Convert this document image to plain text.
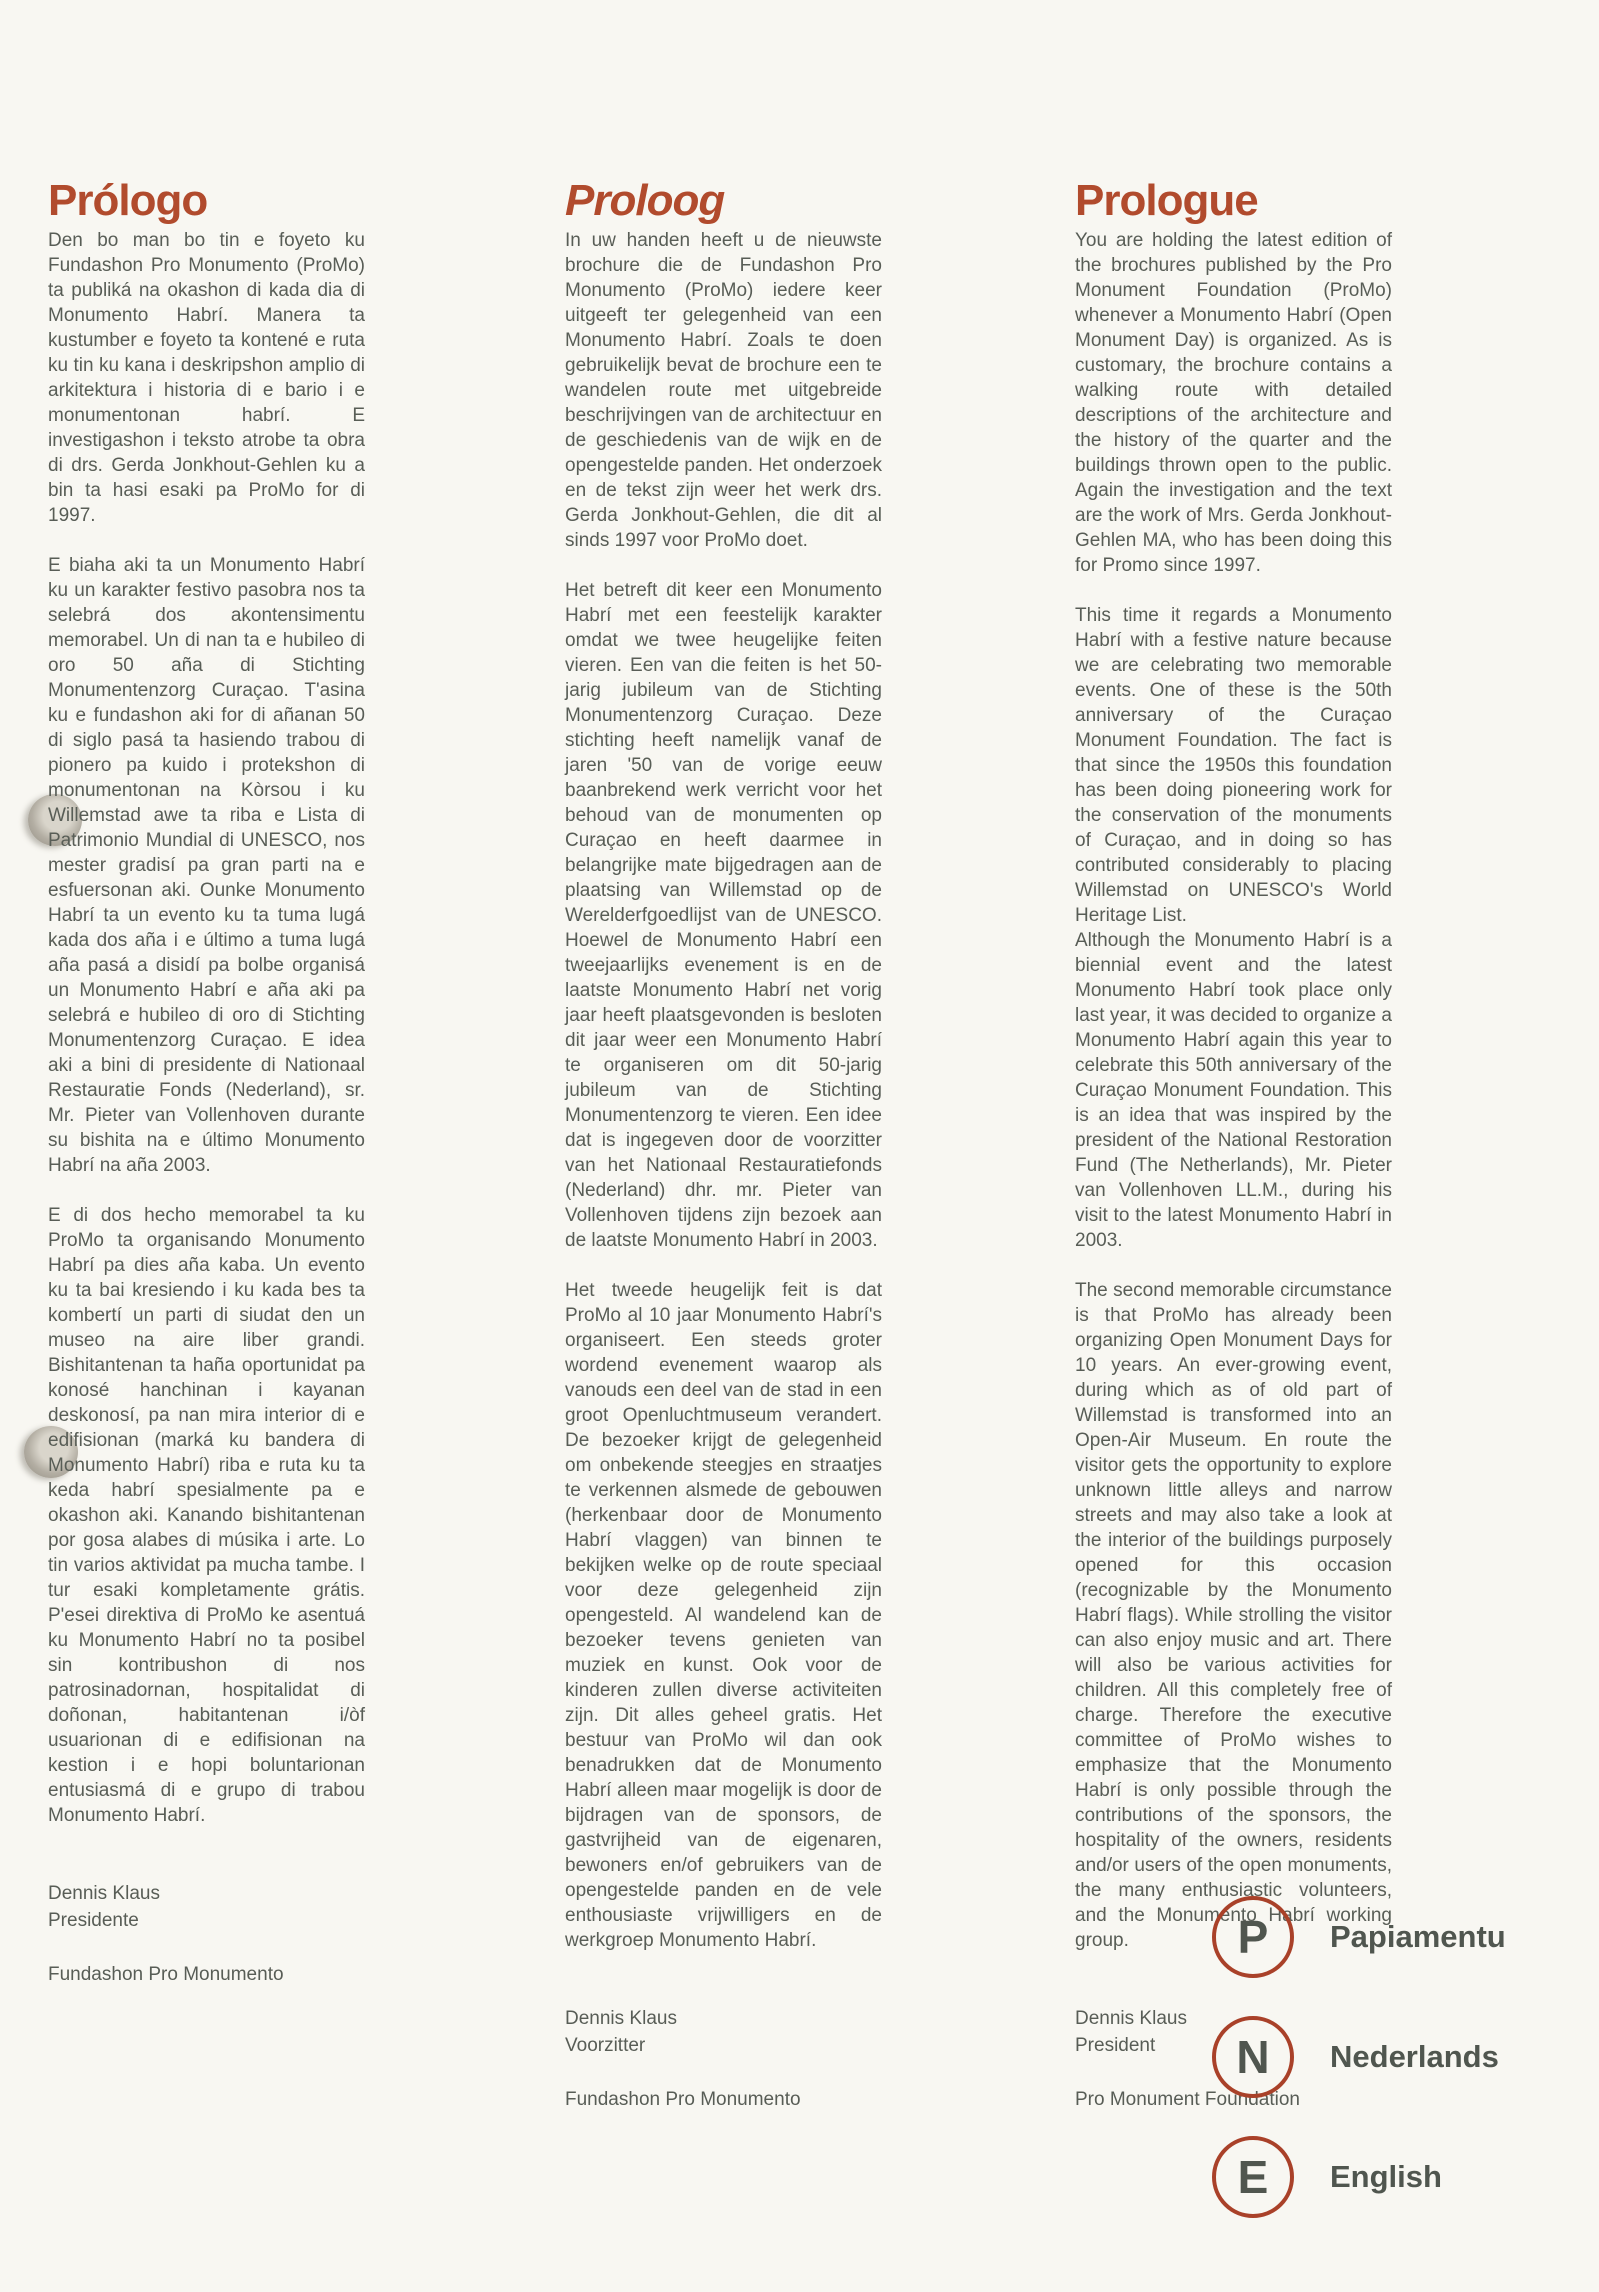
Prólogo

Den bo man bo tin e foyeto ku Fundashon Pro Monumento (ProMo) ta publiká na okashon di kada dia di Monumento Habrí. Manera ta kustumber e foyeto ta kontené e ruta ku tin ku kana i deskripshon amplio di arkitektura i historia di e bario i e monumentonan habrí. E investigashon i teksto atrobe ta obra di drs. Gerda Jonkhout-Gehlen ku a bin ta hasi esaki pa ProMo for di 1997.

E biaha aki ta un Monumento Habrí ku un karakter festivo pasobra nos ta selebrá dos akontensimentu memorabel. Un di nan ta e hubileo di oro 50 aña di Stichting Monumentenzorg Curaçao. T'asina ku e fundashon aki for di añanan 50 di siglo pasá ta hasiendo trabou di pionero pa kuido i protekshon di monumentonan na Kòrsou i ku Willemstad awe ta riba e Lista di Patrimonio Mundial di UNESCO, nos mester gradisí pa gran parti na e esfuersonan aki. Ounke Monumento Habrí ta un evento ku ta tuma lugá kada dos aña i e último a tuma lugá aña pasá a disidí pa bolbe organisá un Monumento Habrí e aña aki pa selebrá e hubileo di oro di Stichting Monumentenzorg Curaçao. E idea aki a bini di presidente di Nationaal Restauratie Fonds (Nederland), sr. Mr. Pieter van Vollenhoven durante su bishita na e último Monumento Habrí na aña 2003.

E di dos hecho memorabel ta ku ProMo ta organisando Monumento Habrí pa dies aña kaba. Un evento ku ta bai kresiendo i ku kada bes ta kombertí un parti di siudat den un museo na aire liber grandi. Bishitantenan ta haña oportunidat pa konosé hanchinan i kayanan deskonosí, pa nan mira interior di e edifisionan (marká ku bandera di Monumento Habrí) riba e ruta ku ta keda habrí spesialmente pa e okashon aki. Kanando bishitantenan por gosa alabes di músika i arte. Lo tin varios aktividat pa mucha tambe. I tur esaki kompletamente grátis. P'esei direktiva di ProMo ke asentuá ku Monumento Habrí no ta posibel sin kontribushon di nos patrosinadornan, hospitalidat di doñonan, habitantenan i/òf usuarionan di e edifisionan na kestion i e hopi boluntarionan entusiasmá di e grupo di trabou Monumento Habrí.

Dennis Klaus
Presidente
Fundashon Pro Monumento
Proloog

In uw handen heeft u de nieuwste brochure die de Fundashon Pro Monumento (ProMo) iedere keer uitgeeft ter gelegenheid van een Monumento Habrí. Zoals te doen gebruikelijk bevat de brochure een te wandelen route met uitgebreide beschrijvingen van de architectuur en de geschiedenis van de wijk en de opengestelde panden. Het onderzoek en de tekst zijn weer het werk drs. Gerda Jonkhout-Gehlen, die dit al sinds 1997 voor ProMo doet.

Het betreft dit keer een Monumento Habrí met een feestelijk karakter omdat we twee heugelijke feiten vieren. Een van die feiten is het 50-jarig jubileum van de Stichting Monumentenzorg Curaçao. Deze stichting heeft namelijk vanaf de jaren '50 van de vorige eeuw baanbrekend werk verricht voor het behoud van de monumenten op Curaçao en heeft daarmee in belangrijke mate bijgedragen aan de plaatsing van Willemstad op de Werelderfgoedlijst van de UNESCO. Hoewel de Monumento Habrí een tweejaarlijks evenement is en de laatste Monumento Habrí net vorig jaar heeft plaatsgevonden is besloten dit jaar weer een Monumento Habrí te organiseren om dit 50-jarig jubileum van de Stichting Monumentenzorg te vieren. Een idee dat is ingegeven door de voorzitter van het Nationaal Restauratiefonds (Nederland) dhr. mr. Pieter van Vollenhoven tijdens zijn bezoek aan de laatste Monumento Habrí in 2003.

Het tweede heugelijk feit is dat ProMo al 10 jaar Monumento Habrí's organiseert. Een steeds groter wordend evenement waarop als vanouds een deel van de stad in een groot Openluchtmuseum verandert. De bezoeker krijgt de gelegenheid om onbekende steegjes en straatjes te verkennen alsmede de gebouwen (herkenbaar door de Monumento Habrí vlaggen) van binnen te bekijken welke op de route speciaal voor deze gelegenheid zijn opengesteld. Al wandelend kan de bezoeker tevens genieten van muziek en kunst. Ook voor de kinderen zullen diverse activiteiten zijn. Dit alles geheel gratis. Het bestuur van ProMo wil dan ook benadrukken dat de Monumento Habrí alleen maar mogelijk is door de bijdragen van de sponsors, de gastvrijheid van de eigenaren, bewoners en/of gebruikers van de opengestelde panden en de vele enthousiaste vrijwilligers en de werkgroep Monumento Habrí.

Dennis Klaus
Voorzitter
Fundashon Pro Monumento
Prologue

You are holding the latest edition of the brochures published by the Pro Monument Foundation (ProMo) whenever a Monumento Habrí (Open Monument Day) is organized. As is customary, the brochure contains a walking route with detailed descriptions of the architecture and the history of the quarter and the buildings thrown open to the public. Again the investigation and the text are the work of Mrs. Gerda Jonkhout-Gehlen MA, who has been doing this for Promo since 1997.

This time it regards a Monumento Habrí with a festive nature because we are celebrating two memorable events. One of these is the 50th anniversary of the Curaçao Monument Foundation. The fact is that since the 1950s this foundation has been doing pioneering work for the conservation of the monuments of Curaçao, and in doing so has contributed considerably to placing Willemstad on UNESCO's World Heritage List.

Although the Monumento Habrí is a biennial event and the latest Monumento Habrí took place only last year, it was decided to organize a Monumento Habrí again this year to celebrate this 50th anniversary of the Curaçao Monument Foundation. This is an idea that was inspired by the president of the National Restoration Fund (The Netherlands), Mr. Pieter van Vollenhoven LL.M., during his visit to the latest Monumento Habrí in 2003.

The second memorable circumstance is that ProMo has already been organizing Open Monument Days for 10 years. An ever-growing event, during which as of old part of Willemstad is transformed into an Open-Air Museum. En route the visitor gets the opportunity to explore unknown little alleys and narrow streets and may also take a look at the interior of the buildings purposely opened for this occasion (recognizable by the Monumento Habrí flags). While strolling the visitor can also enjoy music and art. There will also be various activities for children. All this completely free of charge. Therefore the executive committee of ProMo wishes to emphasize that the Monumento Habrí is only possible through the contributions of the sponsors, the hospitality of the owners, residents and/or users of the open monuments, the many enthusiastic volunteers, and the Monumento Habrí working group.

Dennis Klaus
President
Pro Monument Foundation
P Papiamentu
N Nederlands
E English
